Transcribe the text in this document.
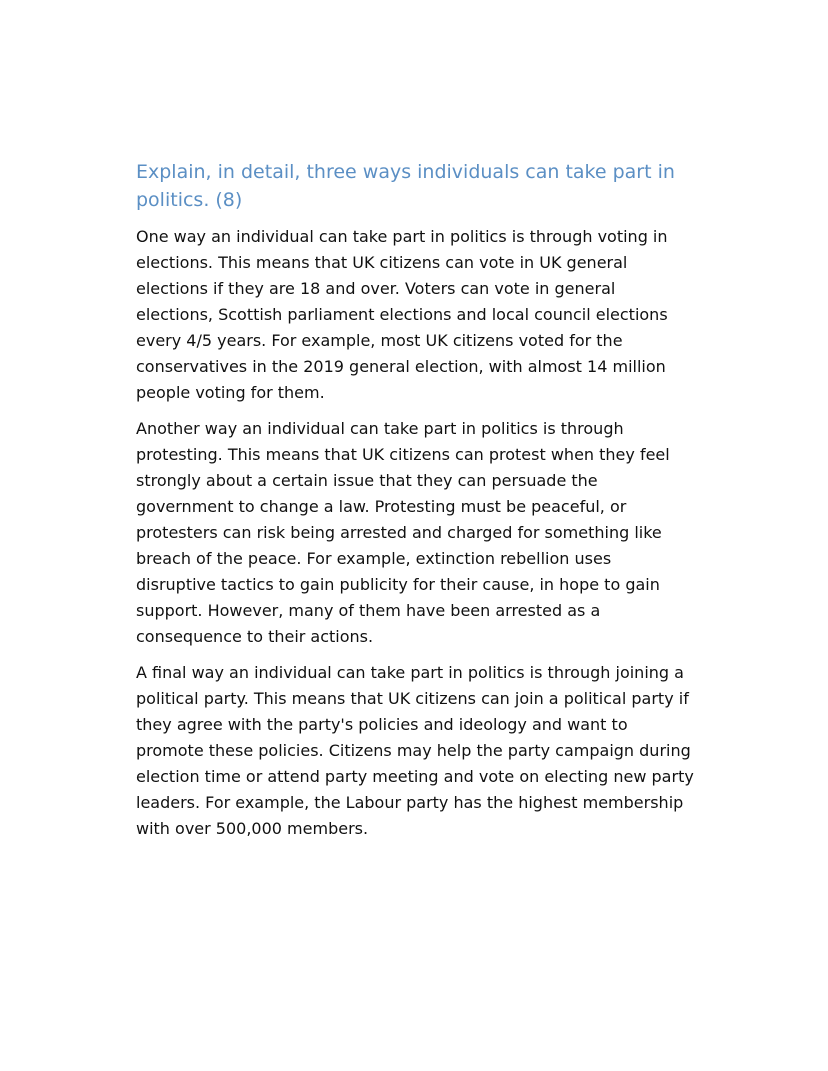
Explain, in detail, three ways individuals can take part in politics. (8)

One way an individual can take part in politics is through voting in elections. This means that UK citizens can vote in UK general elections if they are 18 and over. Voters can vote in general elections, Scottish parliament elections and local council elections every 4/5 years. For example, most UK citizens voted for the conservatives in the 2019 general election, with almost 14 million people voting for them.

Another way an individual can take part in politics is through protesting. This means that UK citizens can protest when they feel strongly about a certain issue that they can persuade the government to change a law. Protesting must be peaceful, or protesters can risk being arrested and charged for something like breach of the peace. For example, extinction rebellion uses disruptive tactics to gain publicity for their cause, in hope to gain support. However, many of them have been arrested as a consequence to their actions.

A final way an individual can take part in politics is through joining a political party. This means that UK citizens can join a political party if they agree with the party's policies and ideology and want to promote these policies. Citizens may help the party campaign during election time or attend party meeting and vote on electing new party leaders. For example, the Labour party has the highest membership with over 500,000 members.
